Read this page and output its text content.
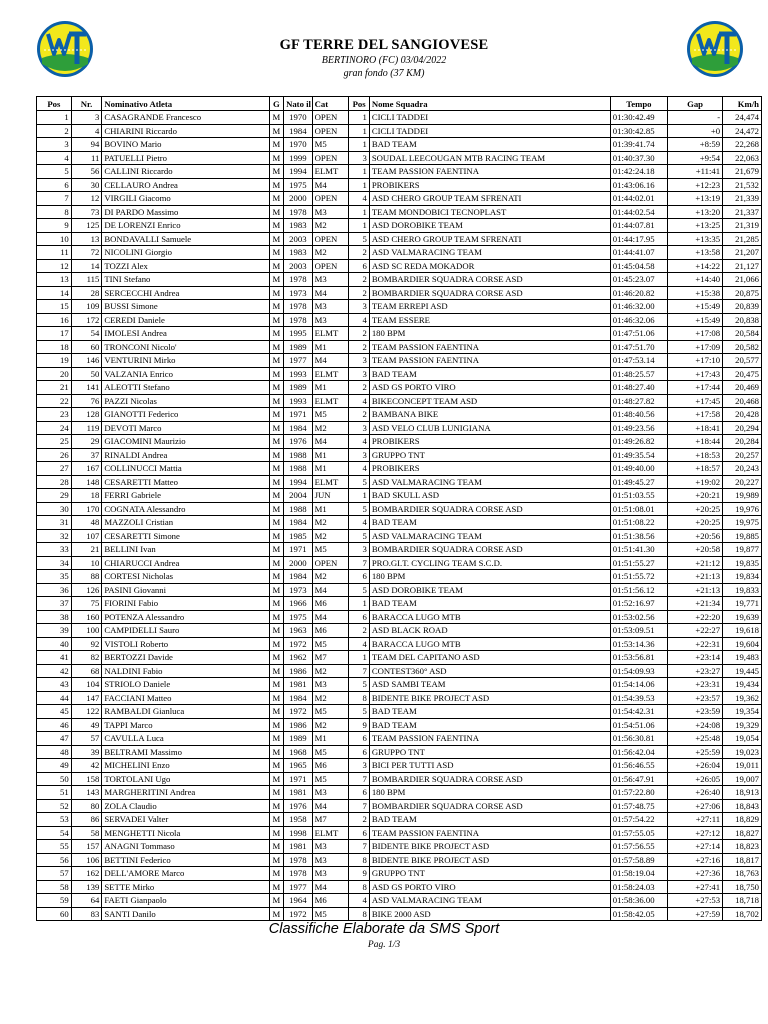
GF TERRE DEL SANGIOVESE
BERTINORO (FC) 03/04/2022
gran fondo (37 KM)
Pos	Nr.	Nominativo Atleta	G	Nato il	Cat	Pos	Nome Squadra	Tempo	Gap	Km/h
1	3	CASAGRANDE Francesco	M	1970	OPEN	1	CICLI TADDEI	01:30:42.49	-	24,474
2	4	CHIARINI Riccardo	M	1984	OPEN	1	CICLI TADDEI	01:30:42.85	+0	24,472
3	94	BOVINO Mario	M	1970	M5	1	BAD TEAM	01:39:41.74	+8:59	22,268
4	11	PATUELLI Pietro	M	1999	OPEN	3	SOUDAL LEECOUGAN MTB RACING TEAM	01:40:37.30	+9:54	22,063
5	56	CALLINI Riccardo	M	1994	ELMT	1	TEAM PASSION FAENTINA	01:42:24.18	+11:41	21,679
6	30	CELLAURO Andrea	M	1975	M4	1	PROBIKERS	01:43:06.16	+12:23	21,532
7	12	VIRGILI Giacomo	M	2000	OPEN	4	ASD CHERO GROUP TEAM SFRENATI	01:44:02.01	+13:19	21,339
8	73	DI PARDO Massimo	M	1978	M3	1	TEAM MONDOBICI TECNOPLAST	01:44:02.54	+13:20	21,337
9	125	DE LORENZI Enrico	M	1983	M2	1	ASD DOROBIKE TEAM	01:44:07.81	+13:25	21,319
10	13	BONDAVALLI Samuele	M	2003	OPEN	5	ASD CHERO GROUP TEAM SFRENATI	01:44:17.95	+13:35	21,285
11	72	NICOLINI Giorgio	M	1983	M2	2	ASD VALMARACING TEAM	01:44:41.07	+13:58	21,207
12	14	TOZZI Alex	M	2003	OPEN	6	ASD SC REDA MOKADOR	01:45:04.58	+14:22	21,127
13	115	TINI Stefano	M	1978	M3	2	BOMBARDIER SQUADRA CORSE ASD	01:45:23.07	+14:40	21,066
14	28	SERCECCHI Andrea	M	1973	M4	2	BOMBARDIER SQUADRA CORSE ASD	01:46:20.82	+15:38	20,875
15	109	BUSSI Simone	M	1978	M3	3	TEAM ERREPI ASD	01:46:32.00	+15:49	20,839
16	172	CEREDI Daniele	M	1978	M3	4	TEAM ESSERE	01:46:32.06	+15:49	20,838
17	54	IMOLESI Andrea	M	1995	ELMT	2	180 BPM	01:47:51.06	+17:08	20,584
18	60	TRONCONI Nicolo'	M	1989	M1	2	TEAM PASSION FAENTINA	01:47:51.70	+17:09	20,582
19	146	VENTURINI Mirko	M	1977	M4	3	TEAM PASSION FAENTINA	01:47:53.14	+17:10	20,577
20	50	VALZANIA Enrico	M	1993	ELMT	3	BAD TEAM	01:48:25.57	+17:43	20,475
21	141	ALEOTTI Stefano	M	1989	M1	2	ASD GS PORTO VIRO	01:48:27.40	+17:44	20,469
22	76	PAZZI Nicolas	M	1993	ELMT	4	BIKECONCEPT TEAM ASD	01:48:27.82	+17:45	20,468
23	128	GIANOTTI Federico	M	1971	M5	2	BAMBANA BIKE	01:48:40.56	+17:58	20,428
24	119	DEVOTI Marco	M	1984	M2	3	ASD VELO CLUB LUNIGIANA	01:49:23.56	+18:41	20,294
25	29	GIACOMINI Maurizio	M	1976	M4	4	PROBIKERS	01:49:26.82	+18:44	20,284
26	37	RINALDI Andrea	M	1988	M1	3	GRUPPO TNT	01:49:35.54	+18:53	20,257
27	167	COLLINUCCI Mattia	M	1988	M1	4	PROBIKERS	01:49:40.00	+18:57	20,243
28	148	CESARETTI Matteo	M	1994	ELMT	5	ASD VALMARACING TEAM	01:49:45.27	+19:02	20,227
29	18	FERRI Gabriele	M	2004	JUN	1	BAD SKULL ASD	01:51:03.55	+20:21	19,989
30	170	COGNATA Alessandro	M	1988	M1	5	BOMBARDIER SQUADRA CORSE ASD	01:51:08.01	+20:25	19,976
31	48	MAZZOLI Cristian	M	1984	M2	4	BAD TEAM	01:51:08.22	+20:25	19,975
32	107	CESARETTI Simone	M	1985	M2	5	ASD VALMARACING TEAM	01:51:38.56	+20:56	19,885
33	21	BELLINI Ivan	M	1971	M5	3	BOMBARDIER SQUADRA CORSE ASD	01:51:41.30	+20:58	19,877
34	10	CHIARUCCI Andrea	M	2000	OPEN	7	PRO.GI.T. CYCLING TEAM S.C.D.	01:51:55.27	+21:12	19,835
35	88	CORTESI Nicholas	M	1984	M2	6	180 BPM	01:51:55.72	+21:13	19,834
36	126	PASINI Giovanni	M	1973	M4	5	ASD DOROBIKE TEAM	01:51:56.12	+21:13	19,833
37	75	FIORINI Fabio	M	1966	M6	1	BAD TEAM	01:52:16.97	+21:34	19,771
38	160	POTENZA Alessandro	M	1975	M4	6	BARACCA LUGO MTB	01:53:02.56	+22:20	19,639
39	100	CAMPIDELLI Sauro	M	1963	M6	2	ASD BLACK ROAD	01:53:09.51	+22:27	19,618
40	92	VISTOLI Roberto	M	1972	M5	4	BARACCA LUGO MTB	01:53:14.36	+22:31	19,604
41	82	BERTOZZI Davide	M	1962	M7	1	TEAM DEL CAPITANO ASD	01:53:56.81	+23:14	19,483
42	68	NALDINI Fabio	M	1986	M2	7	CONTEST360° ASD	01:54:09.93	+23:27	19,445
43	104	STRIOLO Daniele	M	1981	M3	5	ASD SAMBI TEAM	01:54:14.06	+23:31	19,434
44	147	FACCIANI Matteo	M	1984	M2	8	BIDENTE BIKE PROJECT ASD	01:54:39.53	+23:57	19,362
45	122	RAMBALDI Gianluca	M	1972	M5	5	BAD TEAM	01:54:42.31	+23:59	19,354
46	49	TAPPI Marco	M	1986	M2	9	BAD TEAM	01:54:51.06	+24:08	19,329
47	57	CAVULLA Luca	M	1989	M1	6	TEAM PASSION FAENTINA	01:56:30.81	+25:48	19,054
48	39	BELTRAMI Massimo	M	1968	M5	6	GRUPPO TNT	01:56:42.04	+25:59	19,023
49	42	MICHELINI Enzo	M	1965	M6	3	BICI PER TUTTI ASD	01:56:46.55	+26:04	19,011
50	158	TORTOLANI Ugo	M	1971	M5	7	BOMBARDIER SQUADRA CORSE ASD	01:56:47.91	+26:05	19,007
51	143	MARGHERITINI Andrea	M	1981	M3	6	180 BPM	01:57:22.80	+26:40	18,913
52	80	ZOLA Claudio	M	1976	M4	7	BOMBARDIER SQUADRA CORSE ASD	01:57:48.75	+27:06	18,843
53	86	SERVADEI Valter	M	1958	M7	2	BAD TEAM	01:57:54.22	+27:11	18,829
54	58	MENGHETTI Nicola	M	1998	ELMT	6	TEAM PASSION FAENTINA	01:57:55.05	+27:12	18,827
55	157	ANAGNI Tommaso	M	1981	M3	7	BIDENTE BIKE PROJECT ASD	01:57:56.55	+27:14	18,823
56	106	BETTINI Federico	M	1978	M3	8	BIDENTE BIKE PROJECT ASD	01:57:58.89	+27:16	18,817
57	162	DELL'AMORE Marco	M	1978	M3	9	GRUPPO TNT	01:58:19.04	+27:36	18,763
58	139	SETTE Mirko	M	1977	M4	8	ASD GS PORTO VIRO	01:58:24.03	+27:41	18,750
59	64	FAETI Gianpaolo	M	1964	M6	4	ASD VALMARACING TEAM	01:58:36.00	+27:53	18,718
60	83	SANTI Danilo	M	1972	M5	8	BIKE 2000 ASD	01:58:42.05	+27:59	18,702
Classifiche Elaborate da SMS Sport
Pag. 1/3
